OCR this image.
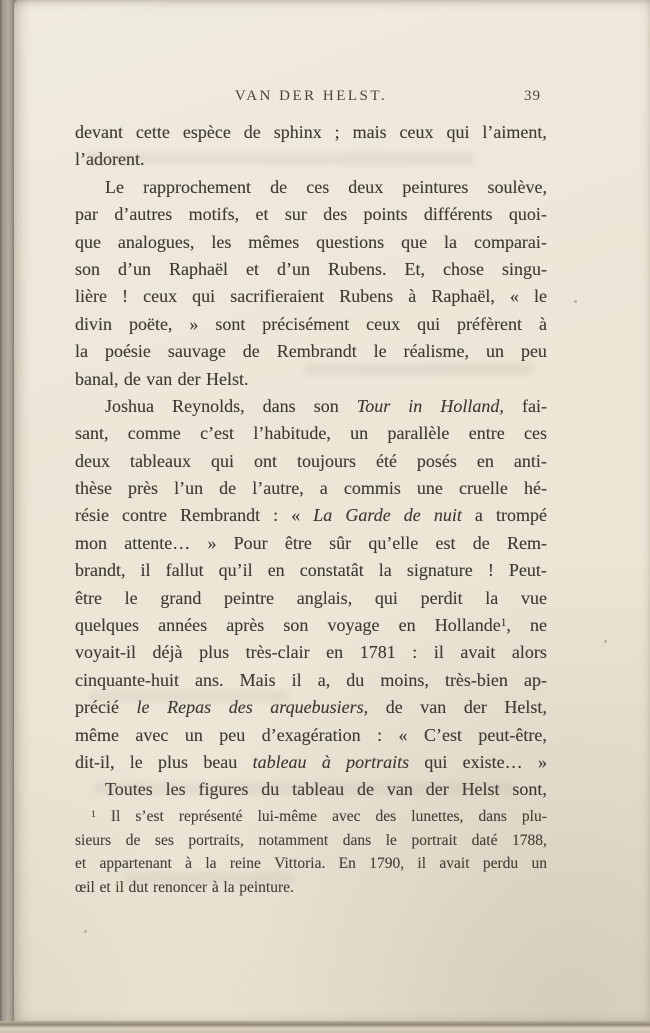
VAN DER HELST.	39
devant cette espèce de sphinx ; mais ceux qui l’aiment,
l’adorent.
Le rapprochement de ces deux peintures soulève,
par d’autres motifs, et sur des points différents quoi-
que analogues, les mêmes questions que la comparai-
son d’un Raphaël et d’un Rubens. Et, chose singu-
lière ! ceux qui sacrifieraient Rubens à Raphaël, « le
divin poëte, » sont précisément ceux qui préfèrent à
la poésie sauvage de Rembrandt le réalisme, un peu
banal, de van der Helst.
Joshua Reynolds, dans son Tour in Holland, fai-
sant, comme c’est l’habitude, un parallèle entre ces
deux tableaux qui ont toujours été posés en anti-
thèse près l’un de l’autre, a commis une cruelle hé-
résie contre Rembrandt : « La Garde de nuit a trompé
mon attente… » Pour être sûr qu’elle est de Rem-
brandt, il fallut qu’il en constatât la signature ! Peut-
être le grand peintre anglais, qui perdit la vue
quelques années après son voyage en Hollande$^1$, ne
voyait-il déjà plus très-clair en 1781 : il avait alors
cinquante-huit ans. Mais il a, du moins, très-bien ap-
précié le Repas des arquebusiers, de van der Helst,
même avec un peu d’exagération : « C’est peut-être,
dit-il, le plus beau tableau à portraits qui existe… »
Toutes les figures du tableau de van der Helst sont,
$^1$ Il s’est représenté lui-même avec des lunettes, dans plu-
sieurs de ses portraits, notamment dans le portrait daté 1788,
et appartenant à la reine Vittoria. En 1790, il avait perdu un
œil et il dut renoncer à la peinture.
